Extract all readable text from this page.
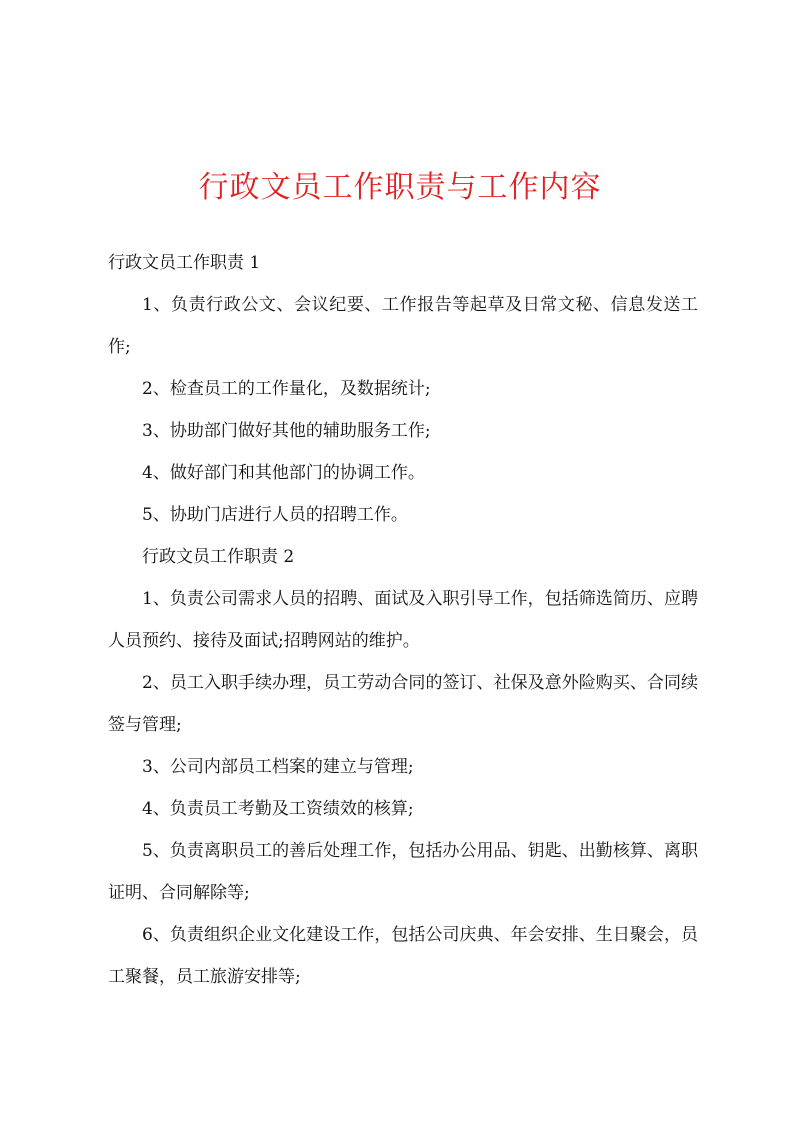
行政文员工作职责与工作内容

行政文员工作职责 1

1、负责行政公文、会议纪要、工作报告等起草及日常文秘、信息发送工作;

2、检查员工的工作量化，及数据统计;

3、协助部门做好其他的辅助服务工作;

4、做好部门和其他部门的协调工作。

5、协助门店进行人员的招聘工作。

行政文员工作职责 2

1、负责公司需求人员的招聘、面试及入职引导工作，包括筛选简历、应聘人员预约、接待及面试;招聘网站的维护。

2、员工入职手续办理，员工劳动合同的签订、社保及意外险购买、合同续签与管理;

3、公司内部员工档案的建立与管理;

4、负责员工考勤及工资绩效的核算;

5、负责离职员工的善后处理工作，包括办公用品、钥匙、出勤核算、离职证明、合同解除等;

6、负责组织企业文化建设工作，包括公司庆典、年会安排、生日聚会，员工聚餐，员工旅游安排等;
